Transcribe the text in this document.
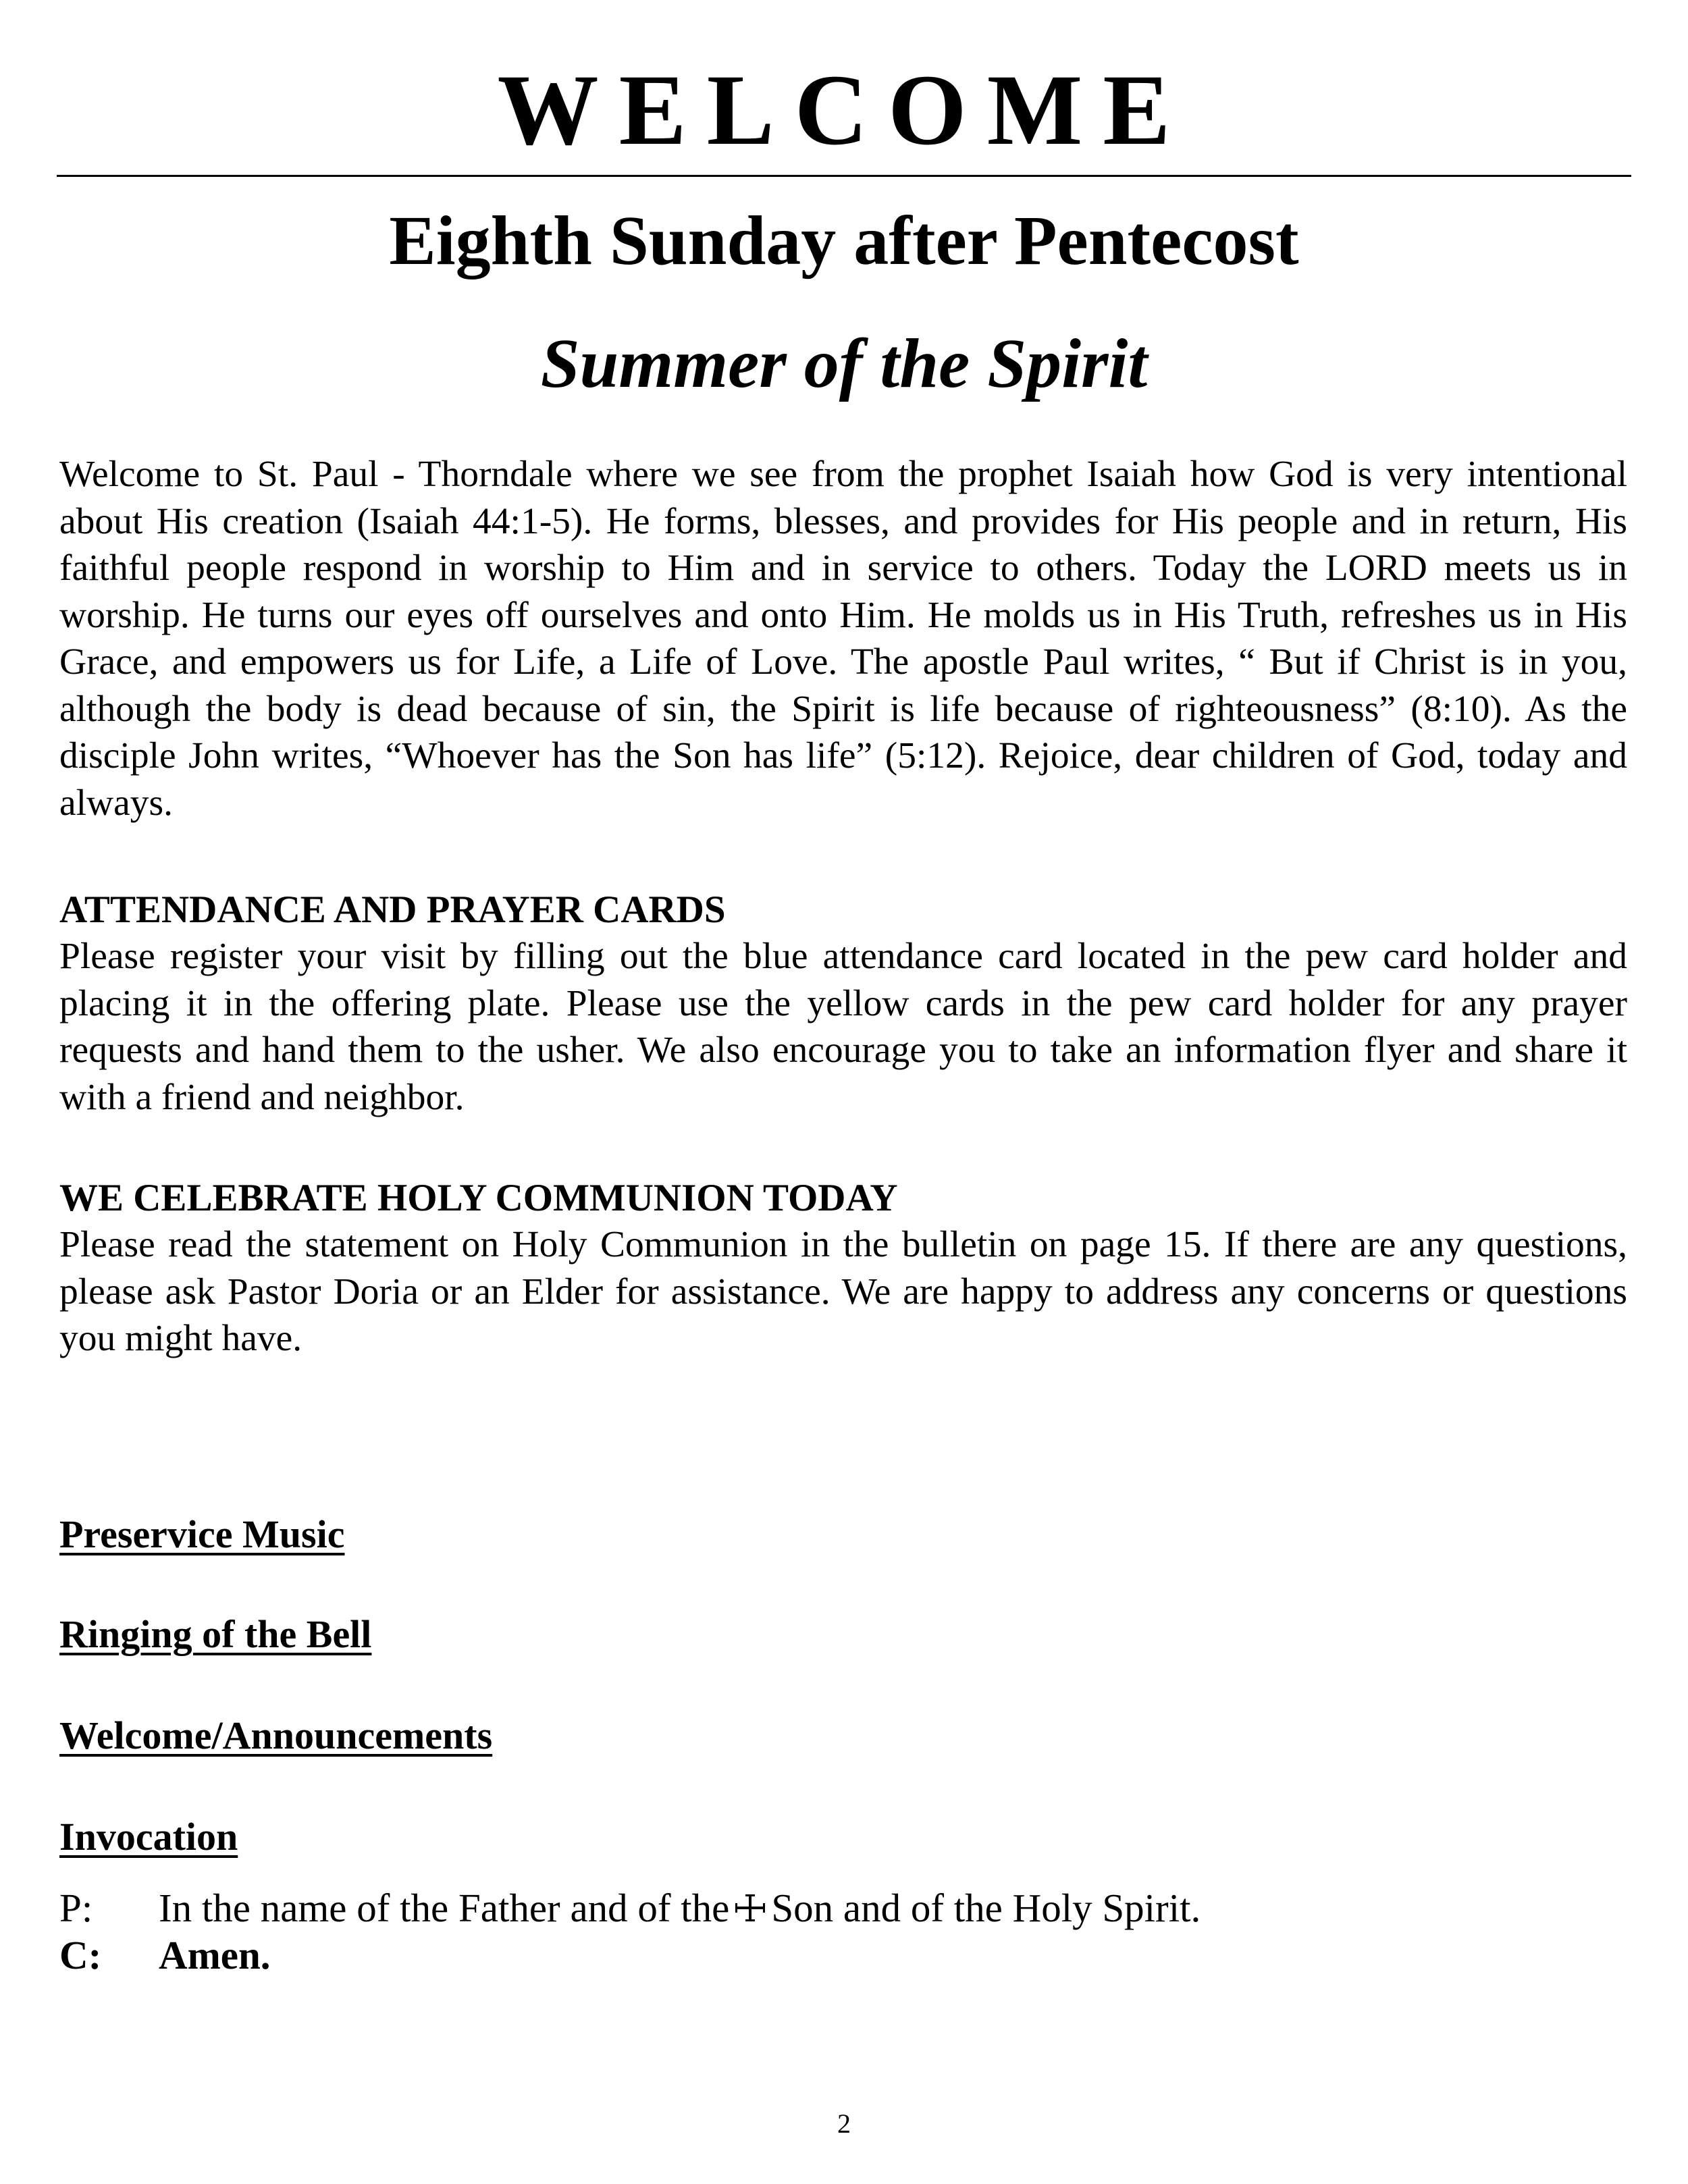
WELCOME
Eighth Sunday after Pentecost
Summer of the Spirit

Welcome to St. Paul - Thorndale where we see from the prophet Isaiah how God is very intentional about His creation (Isaiah 44:1-5). He forms, blesses, and provides for His people and in return, His faithful people respond in worship to Him and in service to others. Today the LORD meets us in worship. He turns our eyes off ourselves and onto Him. He molds us in His Truth, refreshes us in His Grace, and empowers us for Life, a Life of Love. The apostle Paul writes, “ But if Christ is in you, although the body is dead because of sin, the Spirit is life because of righteousness” (8:10). As the disciple John writes, “Whoever has the Son has life” (5:12). Rejoice, dear children of God, today and always.

ATTENDANCE AND PRAYER CARDS

Please register your visit by filling out the blue attendance card located in the pew card holder and placing it in the offering plate. Please use the yellow cards in the pew card holder for any prayer requests and hand them to the usher. We also encourage you to take an information flyer and share it with a friend and neighbor.

WE CELEBRATE HOLY COMMUNION TODAY

Please read the statement on Holy Communion in the bulletin on page 15. If there are any questions, please ask Pastor Doria or an Elder for assistance. We are happy to address any concerns or questions you might have.

Preservice Music
Ringing of the Bell
Welcome/Announcements
Invocation

P: In the name of the Father and of the Son and of the Holy Spirit.

C: Amen.

2
